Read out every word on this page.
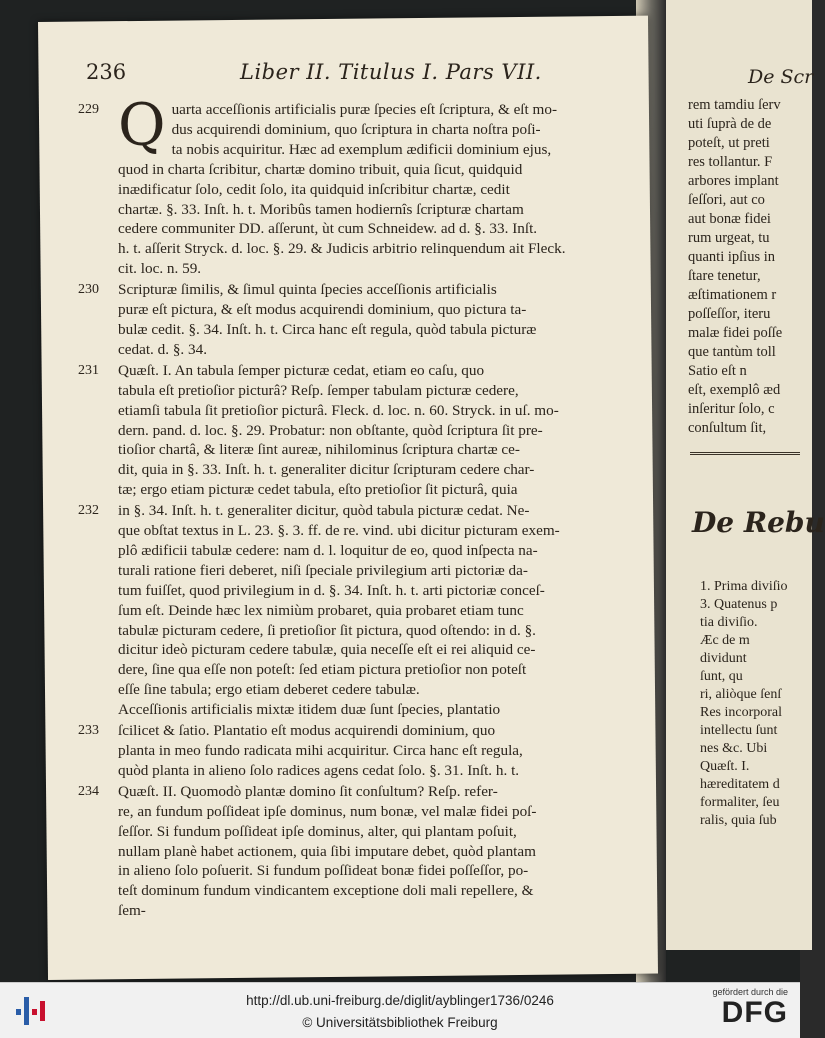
236	Liber II. Titulus I. Pars VII.
229 Q uarta acceſſionis artificialis puræ ſpecies eſt ſcriptura, & eſt mo-
dus acquirendi dominium, quo ſcriptura in charta noſtra poſi-
ta nobis acquiritur. Hæc ad exemplum ædificii dominium ejus,
quod in charta ſcribitur, chartæ domino tribuit, quia ſicut, quidquid
inædificatur ſolo, cedit ſolo, ita quidquid inſcribitur chartæ, cedit
chartæ. §. 33. Inſt. h. t. Moribûs tamen hodiernîs ſcripturæ chartam
cedere communiter DD. aſſerunt, ùt cum Schneidew. ad d. §. 33. Inſt.
h. t. aſſerit Stryck. d. loc. §. 29. & Judicis arbitrio relinquendum ait Fleck.
cit. loc. n. 59.
230	Scripturæ ſimilis, & ſimul quinta ſpecies acceſſionis artificialis
puræ eſt pictura, & eſt modus acquirendi dominium, quo pictura ta-
bulæ cedit. §. 34. Inſt. h. t. Circa hanc eſt regula, quòd tabula picturæ
cedat. d. §. 34.
231	Quæſt. I. An tabula ſemper picturæ cedat, etiam eo caſu, quo
tabula eſt pretioſior picturâ? Reſp. ſemper tabulam picturæ cedere,
etiamſi tabula ſit pretioſior picturâ. Fleck. d. loc. n. 60. Stryck. in uſ. mo-
dern. pand. d. loc. §. 29. Probatur: non obſtante, quòd ſcriptura ſit pre-
tioſior chartâ, & literæ ſint aureæ, nihilominus ſcriptura chartæ ce-
dit, quia in §. 33. Inſt. h. t. generaliter dicitur ſcripturam cedere char-
tæ; ergo etiam picturæ cedet tabula, eſto pretioſior ſit picturâ, quia
232	in §. 34. Inſt. h. t. generaliter dicitur, quòd tabula picturæ cedat. Ne-
que obſtat textus in L. 23. §. 3. ff. de re. vind. ubi dicitur picturam exem-
plô ædificii tabulæ cedere: nam d. l. loquitur de eo, quod inſpecta na-
turali ratione fieri deberet, niſi ſpeciale privilegium arti pictoriæ da-
tum fuiſſet, quod privilegium in d. §. 34. Inſt. h. t. arti pictoriæ conceſ-
ſum eſt. Deinde hæc lex nimiùm probaret, quia probaret etiam tunc
tabulæ picturam cedere, ſi pretioſior ſit pictura, quod oſtendo: in d. §.
dicitur ideò picturam cedere tabulæ, quia neceſſe eſt ei rei aliquid ce-
dere, ſine qua eſſe non poteſt: ſed etiam pictura pretioſior non poteſt
eſſe ſine tabula; ergo etiam deberet cedere tabulæ.
Acceſſionis artificialis mixtæ itidem duæ ſunt ſpecies, plantatio
233	ſcilicet & ſatio. Plantatio eſt modus acquirendi dominium, quo
planta in meo fundo radicata mihi acquiritur. Circa hanc eſt regula,
quòd planta in alieno ſolo radices agens cedat ſolo. §. 31. Inſt. h. t.
234	Quæſt. II. Quomodò plantæ domino ſit conſultum? Reſp. refer-
re, an fundum poſſideat ipſe dominus, num bonæ, vel malæ fidei poſ-
ſeſſor. Si fundum poſſideat ipſe dominus, alter, qui plantam poſuit,
nullam planè habet actionem, quia ſibi imputare debet, quòd plantam
in alieno ſolo poſuerit. Si fundum poſſideat bonæ fidei poſſeſſor, po-
teſt dominum fundum vindicantem exceptione doli mali repellere, &
ſem-
De Scr
rem tamdiu ſerv
uti ſuprà de de
poteſt, ut preti
res tollantur. F
arbores implant
ſeſſori, aut co
aut bonæ fidei
rum urgeat, tu
quanti ipſius in
ſtare tenetur,
æſtimationem r
poſſeſſor, iteru
malæ fidei poſſe
que tantùm toll
Satio eſt n
eſt, exemplô æd
inſeritur ſolo, c
conſultum ſit,
De Rebu
1. Prima diviſio
3. Quatenus p
tia diviſio.
Æc de m
dividunt
ſunt, qu
ri, aliòque ſenſ
Res incorporal
intellectu ſunt
nes &c. Ubi
Quæſt. I.
hæreditatem d
formaliter, ſeu
ralis, quia ſub
http://dl.ub.uni-freiburg.de/diglit/ayblinger1736/0246
© Universitätsbibliothek Freiburg
gefördert durch die
DFG
